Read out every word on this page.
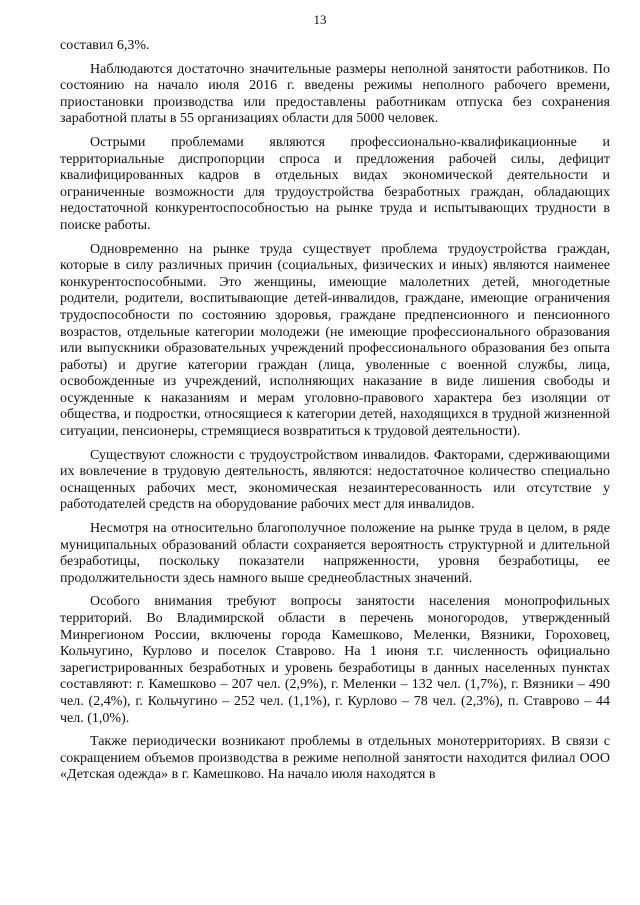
13

составил 6,3%.

Наблюдаются достаточно значительные размеры неполной занятости работников. По состоянию на начало июля 2016 г. введены режимы неполного рабочего времени, приостановки производства или предоставлены работникам отпуска без сохранения заработной платы в 55 организациях области для 5000 человек.

Острыми проблемами являются профессионально-квалификационные и территориальные диспропорции спроса и предложения рабочей силы, дефицит квалифицированных кадров в отдельных видах экономической деятельности и ограниченные возможности для трудоустройства безработных граждан, обладающих недостаточной конкурентоспособностью на рынке труда и испытывающих трудности в поиске работы.

Одновременно на рынке труда существует проблема трудоустройства граждан, которые в силу различных причин (социальных, физических и иных) являются наименее конкурентоспособными. Это женщины, имеющие малолетних детей, многодетные родители, родители, воспитывающие детей-инвалидов, граждане, имеющие ограничения трудоспособности по состоянию здоровья, граждане предпенсионного и пенсионного возрастов, отдельные категории молодежи (не имеющие профессионального образования или выпускники образовательных учреждений профессионального образования без опыта работы) и другие категории граждан (лица, уволенные с военной службы, лица, освобожденные из учреждений, исполняющих наказание в виде лишения свободы и осужденные к наказаниям и мерам уголовно-правового характера без изоляции от общества, и подростки, относящиеся к категории детей, находящихся в трудной жизненной ситуации, пенсионеры, стремящиеся возвратиться к трудовой деятельности).

Существуют сложности с трудоустройством инвалидов. Факторами, сдерживающими их вовлечение в трудовую деятельность, являются: недостаточное количество специально оснащенных рабочих мест, экономическая незаинтересованность или отсутствие у работодателей средств на оборудование рабочих мест для инвалидов.

Несмотря на относительно благополучное положение на рынке труда в целом, в ряде муниципальных образований области сохраняется вероятность структурной и длительной безработицы, поскольку показатели напряженности, уровня безработицы, ее продолжительности здесь намного выше среднеобластных значений.

Особого внимания требуют вопросы занятости населения монопрофильных территорий. Во Владимирской области в перечень моногородов, утвержденный Минрегионом России, включены города Камешково, Меленки, Вязники, Гороховец, Кольчугино, Курлово и поселок Ставрово. На 1 июня т.г. численность официально зарегистрированных безработных и уровень безработицы в данных населенных пунктах составляют: г. Камешково – 207 чел. (2,9%), г. Меленки – 132 чел. (1,7%), г. Вязники – 490 чел. (2,4%), г. Кольчугино – 252 чел. (1,1%), г. Курлово – 78 чел. (2,3%), п. Ставрово – 44 чел. (1,0%).

Также периодически возникают проблемы в отдельных монотерриториях. В связи с сокращением объемов производства в режиме неполной занятости находится филиал ООО «Детская одежда» в г. Камешково. На начало июля находятся в
